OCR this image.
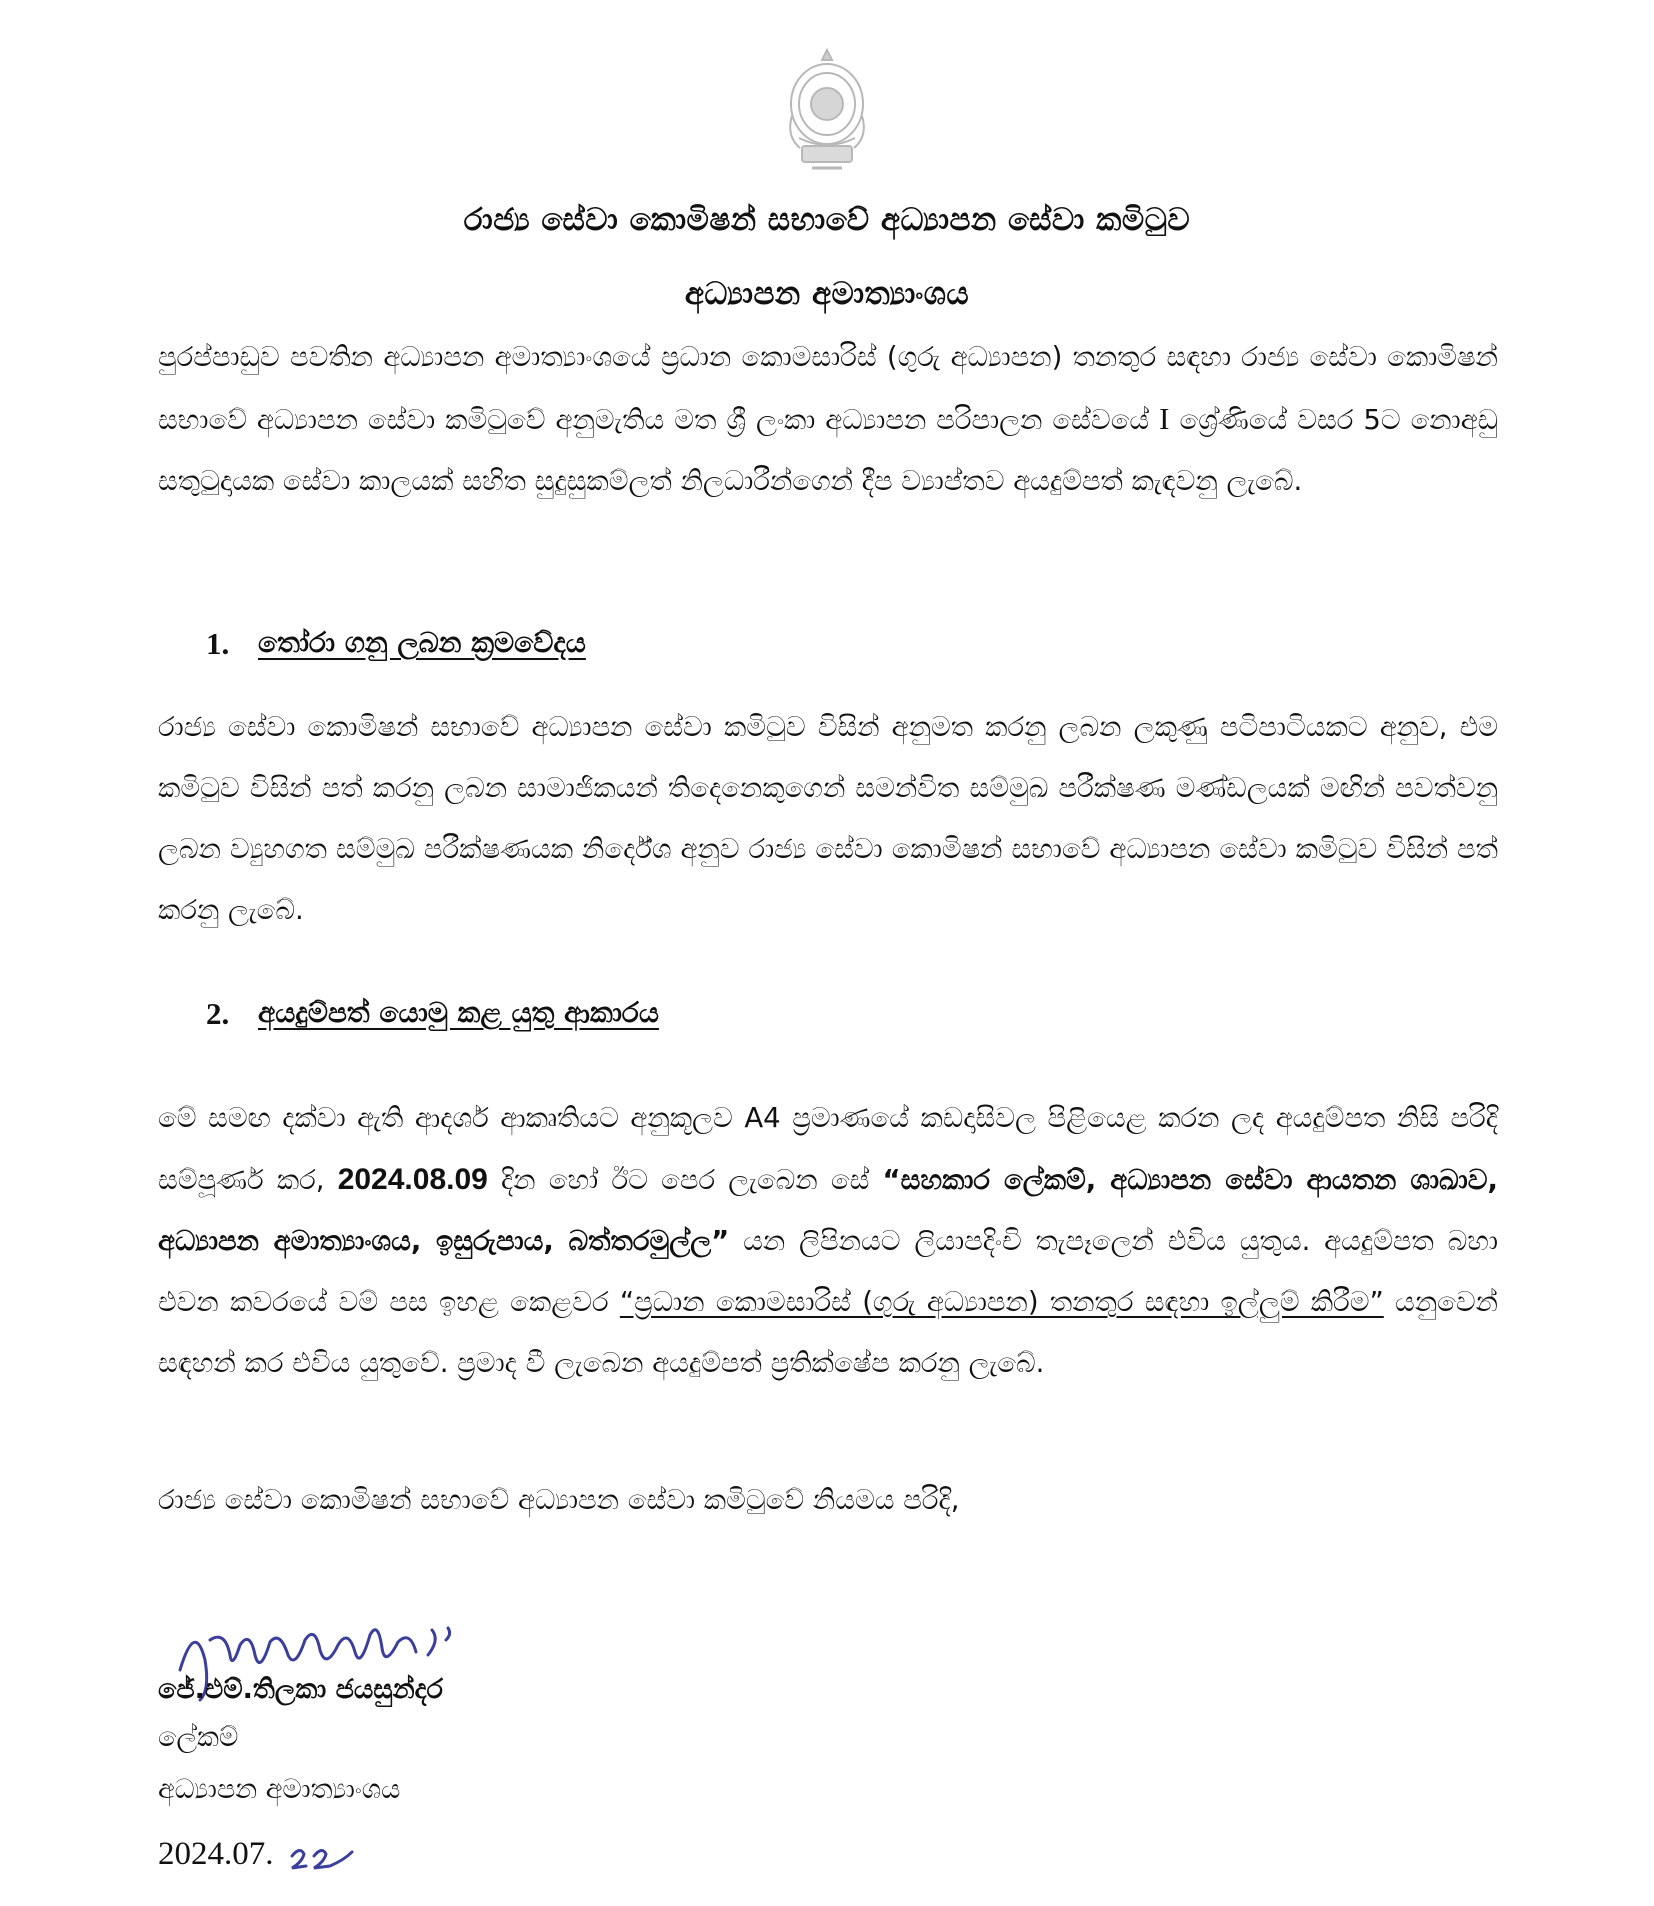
රාජ්‍ය සේවා කොමිෂන් සභාවේ අධ්‍යාපන සේවා කමිටුව
අධ්‍යාපන අමාත්‍යාංශය

පුරප්පාඩුව පවතින අධ්‍යාපන අමාත්‍යාංශයේ ප්‍රධාන කොමසාරිස් (ගුරු අධ්‍යාපන) තනතුර සඳහා රාජ්‍ය සේවා කොමිෂන් සභාවේ අධ්‍යාපන සේවා කමිටුවේ අනුමැතිය මත ශ්‍රී ලංකා අධ්‍යාපන පරිපාලන සේවයේ I ශ්‍රේණියේ වසර 5ට නොඅඩු සතුටුදායක සේවා කාලයක් සහිත සුදුසුකම්ලත් නිලධාරීන්ගෙන් දීප ව්‍යාප්තව අයදුම්පත් කැඳවනු ලැබේ.

1. තෝරා ගනු ලබන ක්‍රමවේදය

රාජ්‍ය සේවා කොමිෂන් සභාවේ අධ්‍යාපන සේවා කමිටුව විසින් අනුමත කරනු ලබන ලකුණු පටිපාටියකට අනුව, එම කමිටුව විසින් පත් කරනු ලබන සාමාජිකයන් තිදෙනෙකුගෙන් සමන්විත සම්මුඛ පරීක්ෂණ මණ්ඩලයක් මඟින් පවත්වනු ලබන ව්‍යුහගත සම්මුඛ පරීක්ෂණයක නිර්දේශ අනුව රාජ්‍ය සේවා කොමිෂන් සභාවේ අධ්‍යාපන සේවා කමිටුව විසින් පත් කරනු ලැබේ.

2. අයදුම්පත් යොමු කළ යුතු ආකාරය

මේ සමඟ දක්වා ඇති ආදර්ශ ආකෘතියට අනුකූලව A4 ප්‍රමාණයේ කඩදාසිවල පිළියෙළ කරන ලද අයදුම්පත නිසි පරිදි සම්පූර්ණ කර, 2024.08.09 දින හෝ ඊට පෙර ලැබෙන සේ “සහකාර ලේකම්, අධ්‍යාපන සේවා ආයතන ශාඛාව, අධ්‍යාපන අමාත්‍යාංශය, ඉසුරුපාය, බත්තරමුල්ල” යන ලිපිනයට ලියාපදිංචි තැපෑලෙන් එවිය යුතුය. අයදුම්පත බහා එවන කවරයේ වම් පස ඉහළ කෙළවර “ප්‍රධාන කොමසාරිස් (ගුරු අධ්‍යාපන) තනතුර සඳහා ඉල්ලුම් කිරීම” යනුවෙන් සඳහන් කර එවිය යුතුවේ. ප්‍රමාද වී ලැබෙන අයදුම්පත් ප්‍රතික්ෂේප කරනු ලැබේ.

රාජ්‍ය සේවා කොමිෂන් සභාවේ අධ්‍යාපන සේවා කමිටුවේ නියමය පරිදි,

ජේ.එම්.තිලකා ජයසුන්දර
ලේකම්
අධ්‍යාපන අමාත්‍යාංශය
2024.07.
